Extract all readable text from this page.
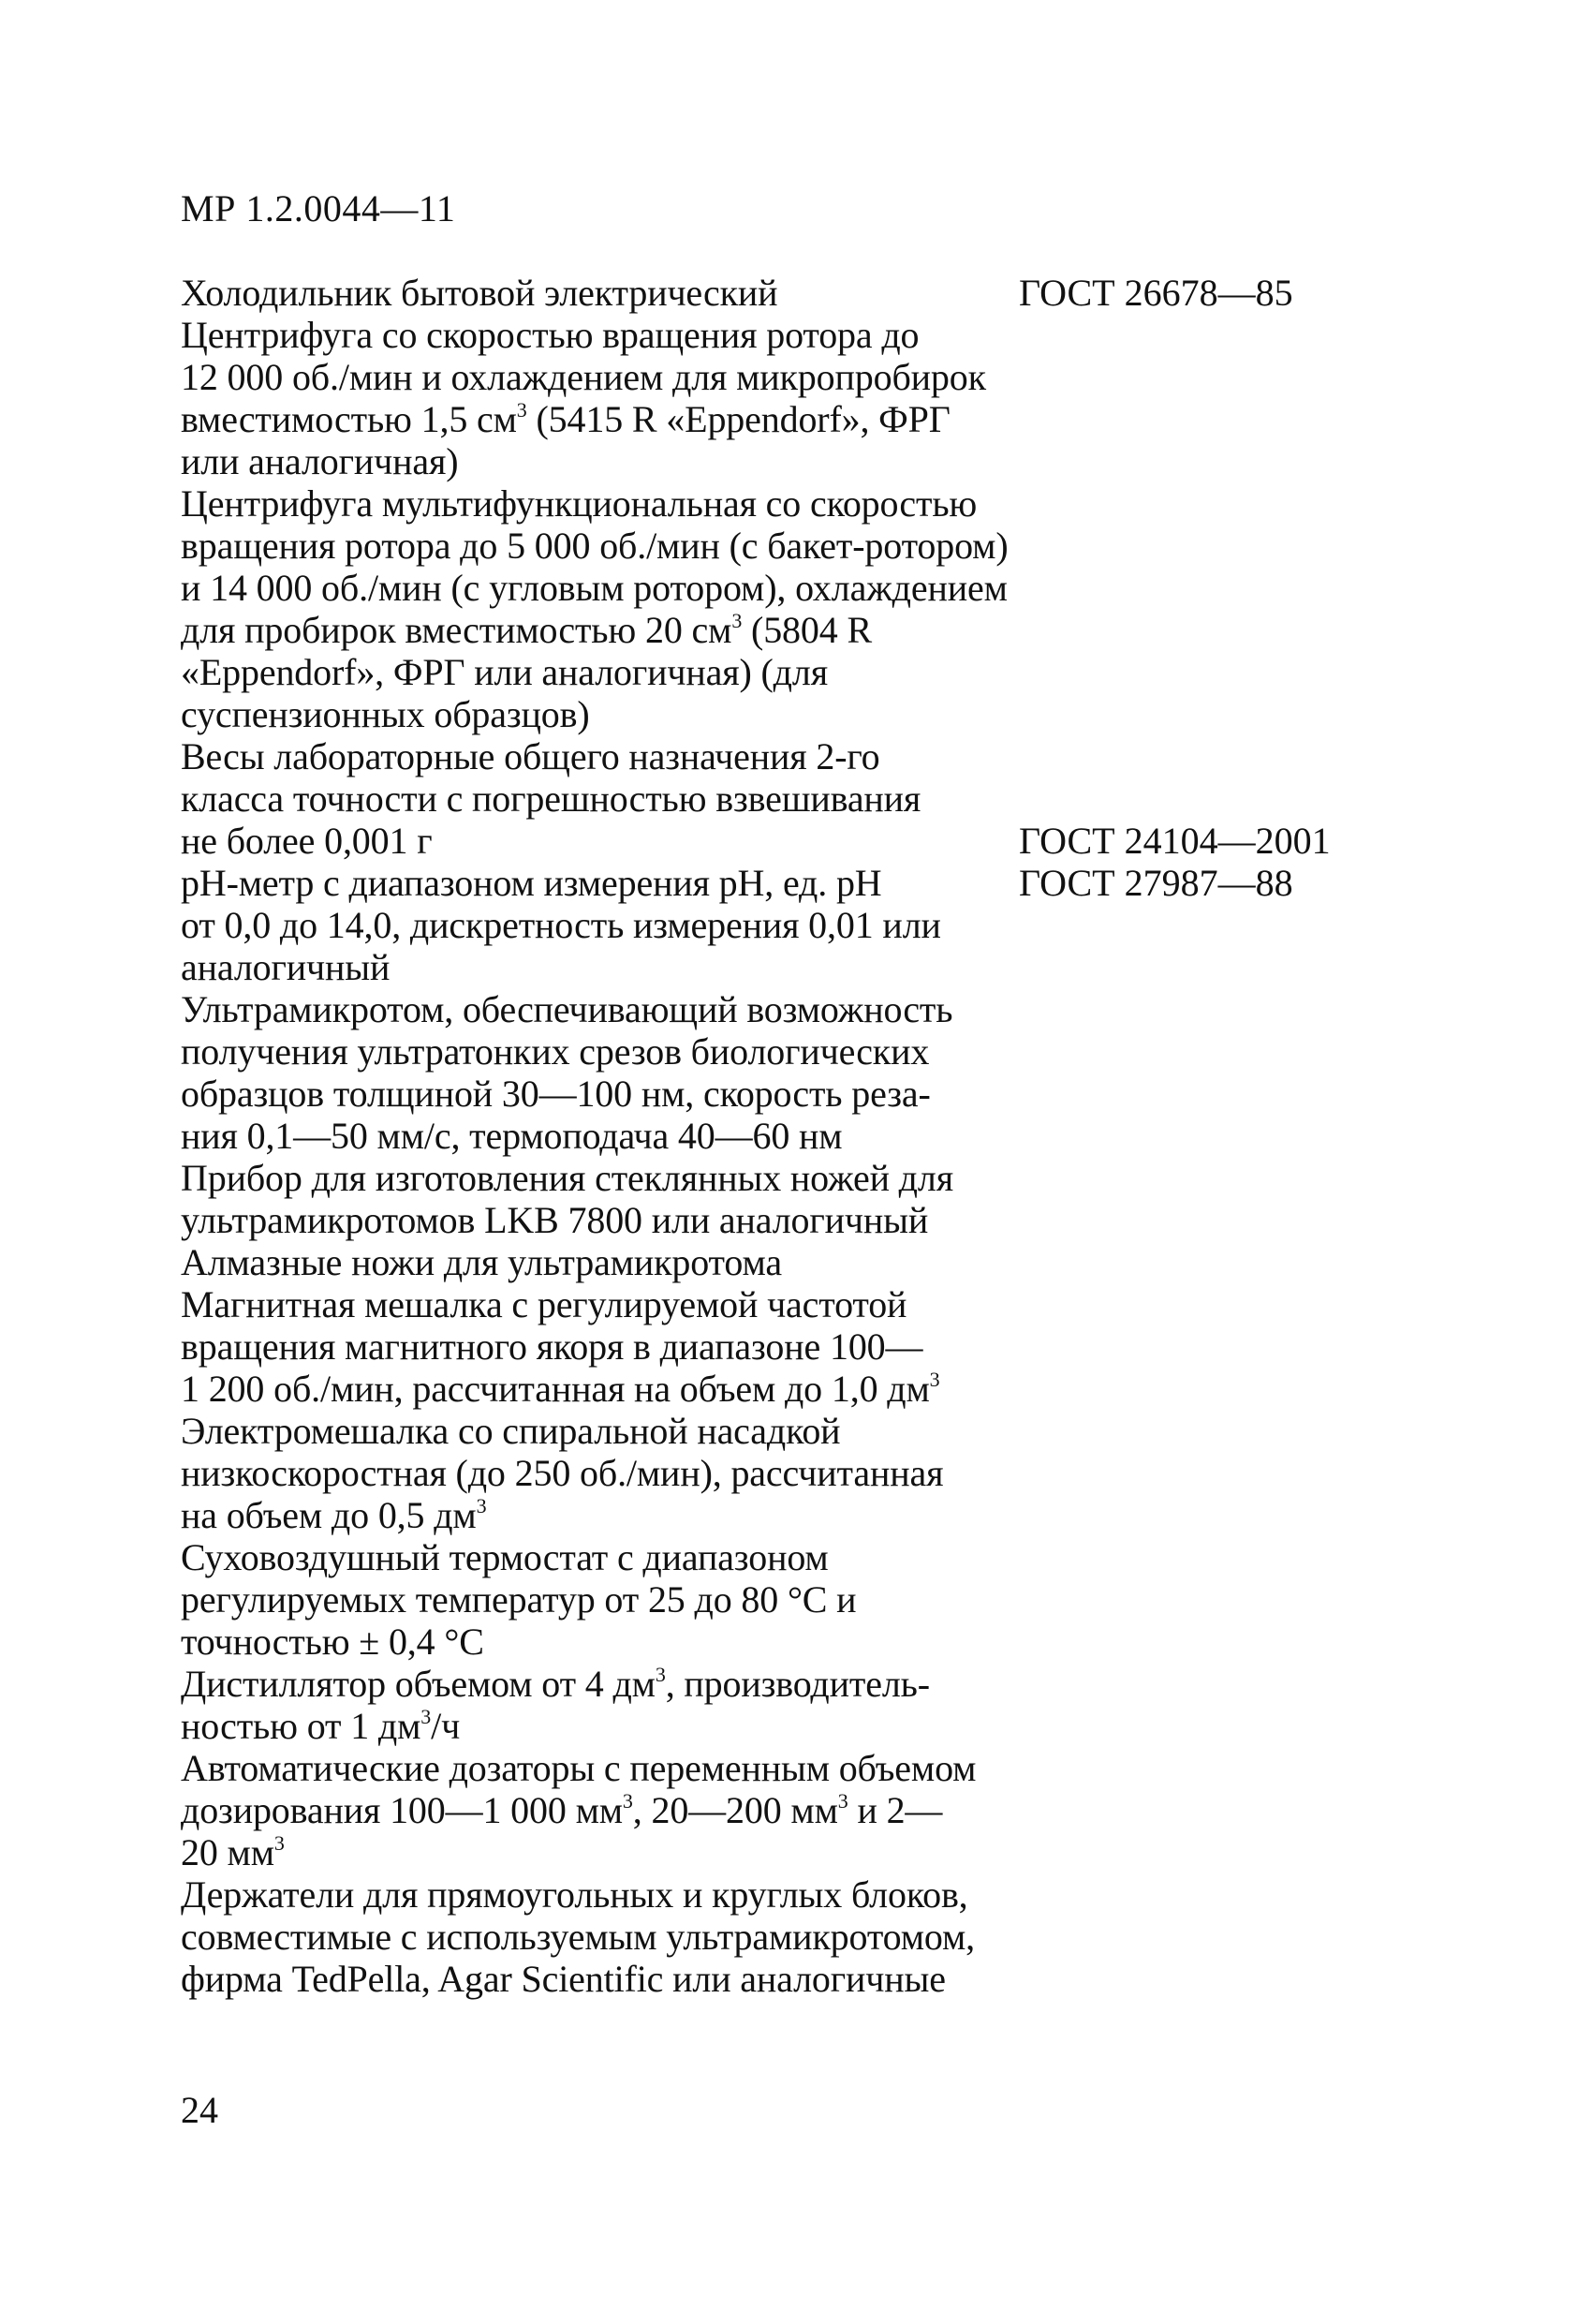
МР 1.2.0044—11
Холодильник бытовой электрический	ГОСТ 26678—85
Центрифуга со скоростью вращения ротора до
12 000 об./мин и охлаждением для микропробирок
вместимостью 1,5 $см^3$ (5415 R «Eppendorf», ФРГ
или аналогичная)
Центрифуга мультифункциональная со скоростью
вращения ротора до 5 000 об./мин (с бакет-ротором)
и 14 000 об./мин (с угловым ротором), охлаждением
для пробирок вместимостью 20 $см^3$ (5804 R
«Eppendorf», ФРГ или аналогичная) (для
суспензионных образцов)
Весы лабораторные общего назначения 2-го
класса точности с погрешностью взвешивания
не более 0,001 г	ГОСТ 24104—2001
рН-метр с диапазоном измерения рН, ед. рН
от 0,0 до 14,0, дискретность измерения 0,01 или
аналогичный
ГОСТ 27987—88
Ультрамикротом, обеспечивающий возможность
получения ультратонких срезов биологических
образцов толщиной 30—100 нм, скорость реза-
ния 0,1—50 мм/с, термоподача 40—60 нм
Прибор для изготовления стеклянных ножей для
ультрамикротомов LKB 7800 или аналогичный
Алмазные ножи для ультрамикротома
Магнитная мешалка с регулируемой частотой
вращения магнитного якоря в диапазоне 100—
1 200 об./мин, рассчитанная на объем до 1,0 $дм^3$
Электромешалка со спиральной насадкой
низкоскоростная (до 250 об./мин), рассчитанная
на объем до 0,5 $дм^3$
Суховоздушный термостат с диапазоном
регулируемых температур от 25 до 80 °С и
точностью ± 0,4 °С
Дистиллятор объемом от 4 $дм^3$, производитель-
ностью от 1 $дм^3/ч$
Автоматические дозаторы с переменным объемом
дозирования 100—1 000 $мм^3$, 20—200 $мм^3$ и 2—
20 $мм^3$
Держатели для прямоугольных и круглых блоков,
совместимые с используемым ультрамикротомом,
фирма TedPella, Agar Scientific или аналогичные
24
